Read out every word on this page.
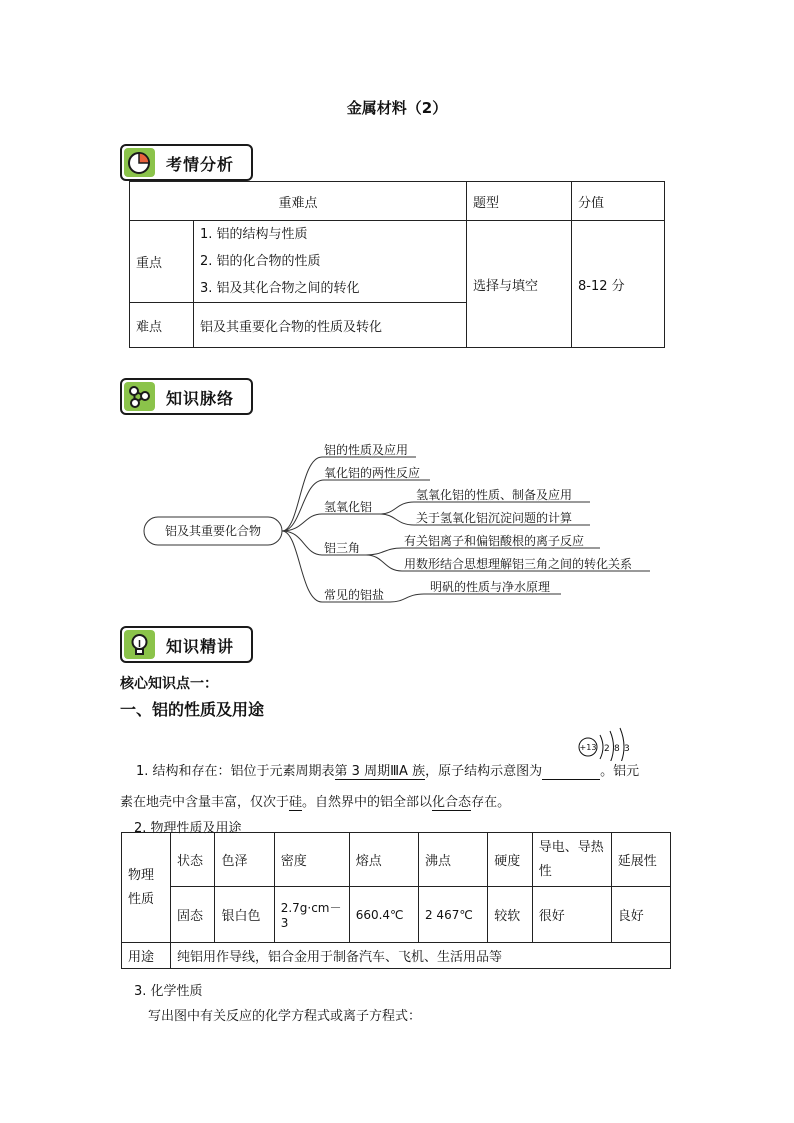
金属材料（2）
考情分析
重难点		题型	分值
重点	1. 铝的结构与性质
2. 铝的化合物的性质
3. 铝及其化合物之间的转化	选择与填空	8-12 分
难点	铝及其重要化合物的性质及转化		
知识脉络
铝及其重要化合物
铝的性质及应用
氧化铝的两性反应
氢氧化铝
铝三角
常见的铝盐
氢氧化铝的性质、制备及应用
关于氢氧化铝沉淀问题的计算
有关铝离子和偏铝酸根的离子反应
用数形结合思想理解铝三角之间的转化关系
明矾的性质与净水原理
知识精讲
核心知识点一：
一、铝的性质及用途
1. 结构和存在：铝位于元素周期表第 3 周期ⅢA 族，原子结构示意图为	。铝元
+13 2 8 3
素在地壳中含量丰富，仅次于硅。自然界中的铝全部以化合态存在。
2. 物理性质及用途
物理性质	状态	色泽	密度	熔点	沸点	硬度	导电、导热性	延展性
	固态	银白色	2.7g·cm－3	660.4℃	2 467℃	较软	很好	良好
用途	纯铝用作导线，铝合金用于制备汽车、飞机、生活用品等							
3. 化学性质
写出图中有关反应的化学方程式或离子方程式：
